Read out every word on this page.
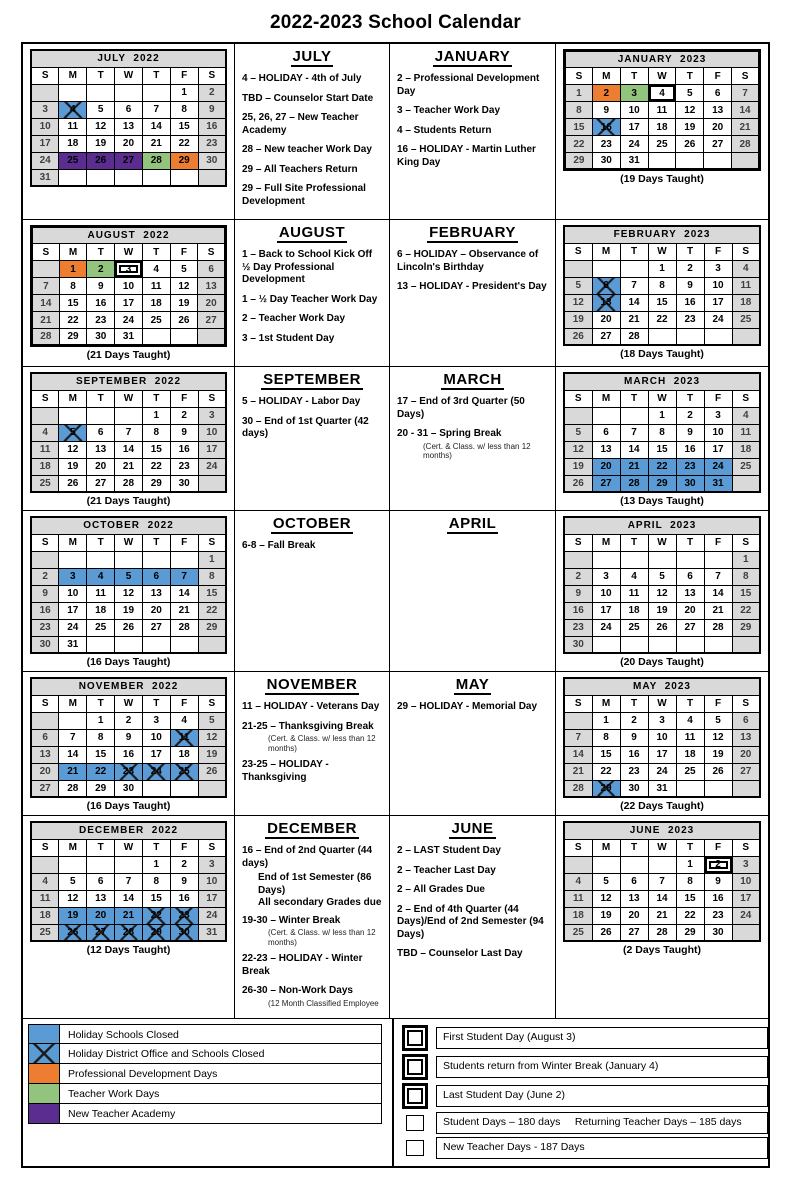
2022-2023 School Calendar
JULY  2022						
S	M	T	W	T	F	S
					1	2
3	4	5	6	7	8	9
10	11	12	13	14	15	16
17	18	19	20	21	22	23
24	25	26	27	28	29	30
31						
JULY
4 – HOLIDAY - 4th of July
TBD – Counselor Start Date
25, 26, 27 – New Teacher Academy
28 – New teacher Work Day
29 – All Teachers Return
29 – Full Site Professional Development
JANUARY
2 – Professional Development Day
3 – Teacher Work Day
4 – Students Return
16 – HOLIDAY - Martin Luther King Day
JANUARY  2023						
S	M	T	W	T	F	S
1	2	3	4	5	6	7
8	9	10	11	12	13	14
15	16	17	18	19	20	21
22	23	24	25	26	27	28
29	30	31				
(19 Days Taught)
AUGUST  2022						
S	M	T	W	T	F	S
	1	2	3	4	5	6
7	8	9	10	11	12	13
14	15	16	17	18	19	20
21	22	23	24	25	26	27
28	29	30	31			
(21 Days Taught)
AUGUST
1 – Back to School Kick Off ½ Day Professional Development
1 – ½ Day Teacher Work Day
2 – Teacher Work Day
3 – 1st Student Day
FEBRUARY
6 – HOLIDAY – Observance of Lincoln's Birthday
13 – HOLIDAY - President's Day
FEBRUARY  2023						
S	M	T	W	T	F	S
			1	2	3	4
5	6	7	8	9	10	11
12	13	14	15	16	17	18
19	20	21	22	23	24	25
26	27	28				
(18 Days Taught)
SEPTEMBER  2022						
S	M	T	W	T	F	S
				1	2	3
4	5	6	7	8	9	10
11	12	13	14	15	16	17
18	19	20	21	22	23	24
25	26	27	28	29	30	
(21 Days Taught)
SEPTEMBER
5 – HOLIDAY - Labor Day
30 – End of 1st Quarter (42 days)
MARCH
17 – End of 3rd Quarter (50 Days)
20 - 31 – Spring Break
(Cert. & Class. w/ less than 12 months)
MARCH  2023						
S	M	T	W	T	F	S
			1	2	3	4
5	6	7	8	9	10	11
12	13	14	15	16	17	18
19	20	21	22	23	24	25
26	27	28	29	30	31	
(13 Days Taught)
OCTOBER  2022						
S	M	T	W	T	F	S
						1
2	3	4	5	6	7	8
9	10	11	12	13	14	15
16	17	18	19	20	21	22
23	24	25	26	27	28	29
30	31					
(16 Days Taught)
OCTOBER
6-8 – Fall Break
APRIL	APRIL  2023						
S	M	T	W	T	F	S
						1
2	3	4	5	6	7	8
9	10	11	12	13	14	15
16	17	18	19	20	21	22
23	24	25	26	27	28	29
30						
(20 Days Taught)
NOVEMBER  2022						
S	M	T	W	T	F	S
		1	2	3	4	5
6	7	8	9	10	11	12
13	14	15	16	17	18	19
20	21	22	23	24	25	26
27	28	29	30			
(16 Days Taught)
NOVEMBER
11 – HOLIDAY - Veterans Day
21-25 – Thanksgiving Break
(Cert. & Class. w/ less than 12 months)
23-25 – HOLIDAY - Thanksgiving
MAY
29 – HOLIDAY - Memorial Day
MAY  2023						
S	M	T	W	T	F	S
	1	2	3	4	5	6
7	8	9	10	11	12	13
14	15	16	17	18	19	20
21	22	23	24	25	26	27
28	29	30	31			
(22 Days Taught)
DECEMBER  2022						
S	M	T	W	T	F	S
				1	2	3
4	5	6	7	8	9	10
11	12	13	14	15	16	17
18	19	20	21	22	23	24
25	26	27	28	29	30	31
(12 Days Taught)
DECEMBER
16 – End of 2nd Quarter (44 days)
End of 1st Semester (86 Days)
All secondary Grades due
19-30 – Winter Break
(Cert. & Class. w/ less than 12 months)
22-23 – HOLIDAY - Winter Break
26-30 – Non-Work Days
(12 Month Classified Employee
JUNE
2 – LAST Student Day
2 – Teacher Last Day
2 – All Grades Due
2 – End of 4th Quarter (44 Days)/End of 2nd Semester (94 Days)
TBD – Counselor Last Day
JUNE  2023						
S	M	T	W	T	F	S
				1	2	3
4	5	6	7	8	9	10
11	12	13	14	15	16	17
18	19	20	21	22	23	24
25	26	27	28	29	30	
(2 Days Taught)
Holiday Schools Closed
Holiday District Office and Schools Closed
Professional Development Days
Teacher Work Days
New Teacher Academy
First Student Day (August 3)
Students return from Winter Break (January 4)
Last Student Day (June 2)
Student Days – 180 days     Returning Teacher Days – 185 days
New Teacher Days - 187 Days
